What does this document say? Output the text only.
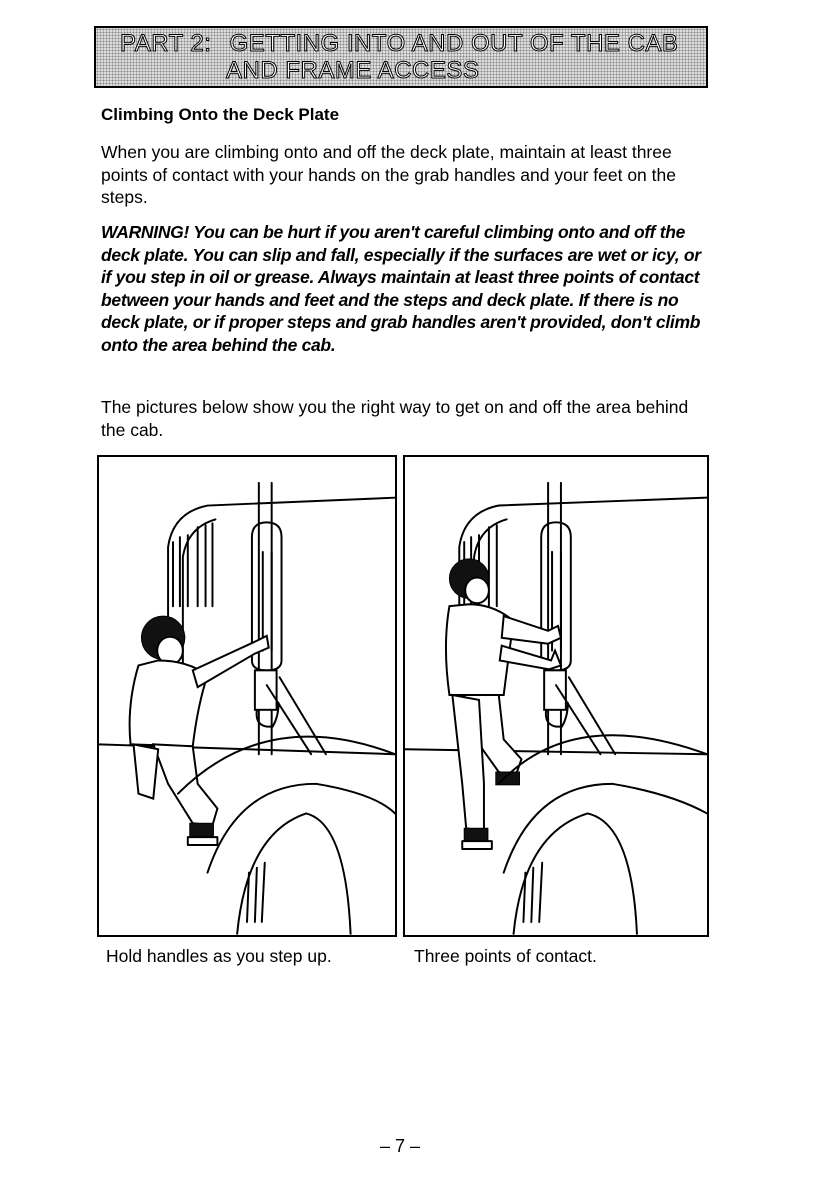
PART 2: GETTING INTO AND OUT OF THE CAB
AND FRAME ACCESS
Climbing Onto the Deck Plate

When you are climbing onto and off the deck plate, maintain at least three points of contact with your hands on the grab handles and your feet on the steps.

WARNING! You can be hurt if you aren't careful climbing onto and off the deck plate. You can slip and fall, especially if the surfaces are wet or icy, or if you step in oil or grease. Always maintain at least three points of contact between your hands and feet and the steps and deck plate. If there is no deck plate, or if proper steps and grab handles aren't provided, don't climb onto the area behind the cab.

The pictures below show you the right way to get on and off the area behind the cab.

Hold handles as you step up.	Three points of contact.
– 7 –
